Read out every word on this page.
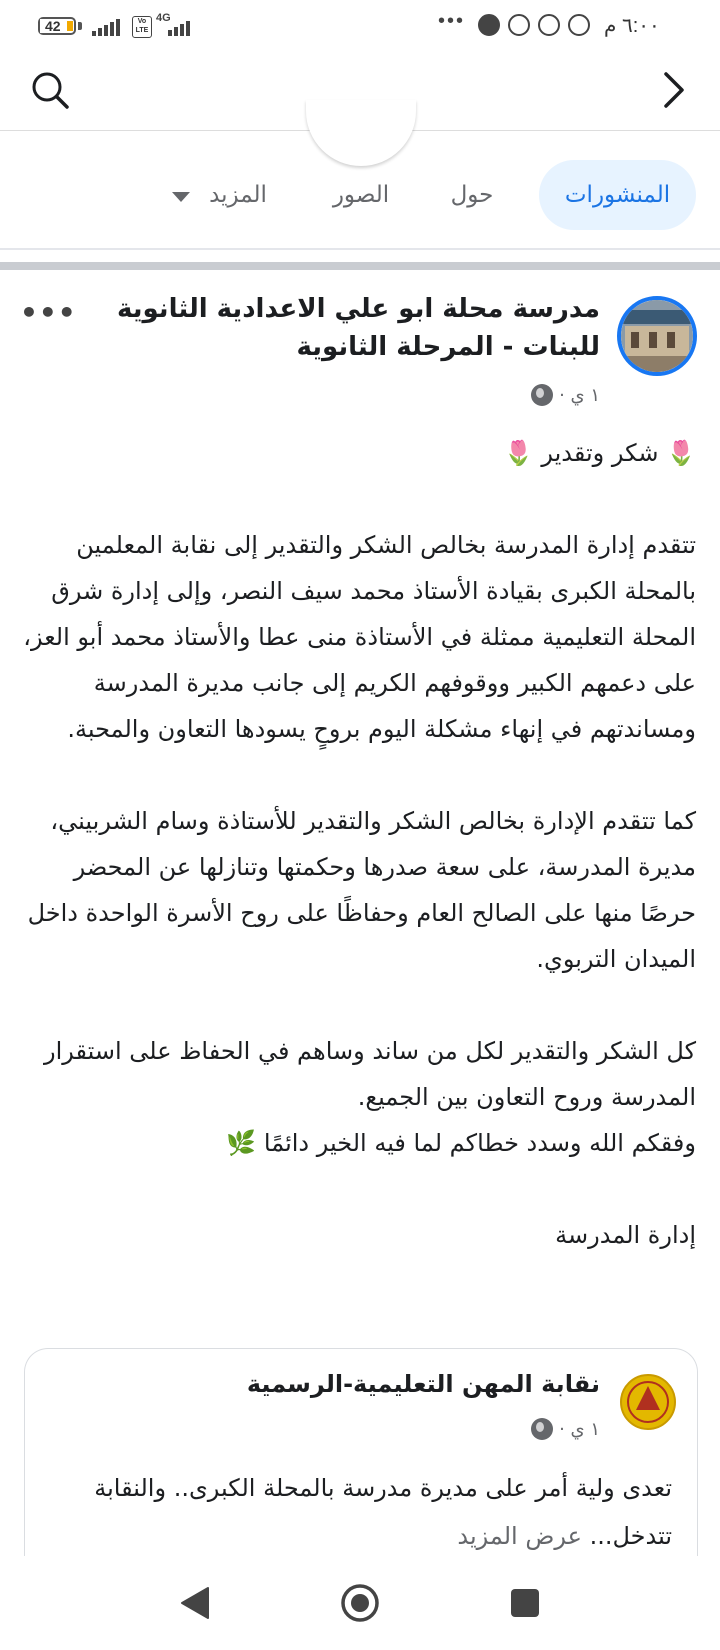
42	Vo LTE
4G	•••	٦:٠٠ م
المنشورات
حول
الصور
المزيد
مدرسة محلة ابو علي الاعدادية الثانوية للبنات - المرحلة الثانوية
١ ي ·
•••
🌷 شكر وتقدير 🌷

تتقدم إدارة المدرسة بخالص الشكر والتقدير إلى نقابة المعلمين بالمحلة الكبرى بقيادة الأستاذ محمد سيف النصر، وإلى إدارة شرق المحلة التعليمية ممثلة في الأستاذة منى عطا والأستاذ محمد أبو العز،
على دعمهم الكبير ووقوفهم الكريم إلى جانب مديرة المدرسة ومساندتهم في إنهاء مشكلة اليوم بروحٍ يسودها التعاون والمحبة.

كما تتقدم الإدارة بخالص الشكر والتقدير للأستاذة وسام الشربيني، مديرة المدرسة، على سعة صدرها وحكمتها وتنازلها عن المحضر حرصًا منها على الصالح العام وحفاظًا على روح الأسرة الواحدة داخل الميدان التربوي.

كل الشكر والتقدير لكل من ساند وساهم في الحفاظ على استقرار المدرسة وروح التعاون بين الجميع.
وفقكم الله وسدد خطاكم لما فيه الخير دائمًا 🌿

إدارة المدرسة
نقابة المهن التعليمية-الرسمية
١ ي ·
تعدى ولية أمر على مديرة مدرسة بالمحلة الكبرى.. والنقابة تتدخل... عرض المزيد
